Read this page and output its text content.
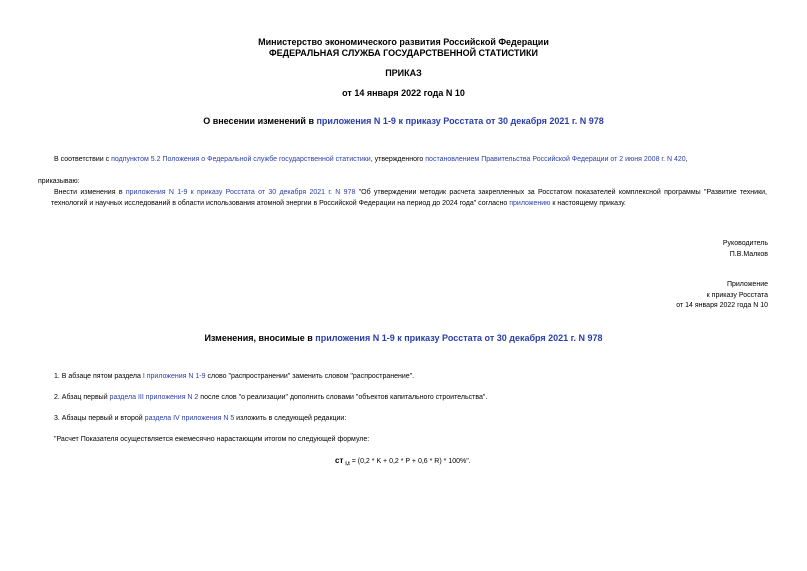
Министерство экономического развития Российской Федерации
ФЕДЕРАЛЬНАЯ СЛУЖБА ГОСУДАРСТВЕННОЙ СТАТИСТИКИ
ПРИКАЗ
от 14 января 2022 года N 10
О внесении изменений в приложения N 1-9 к приказу Росстата от 30 декабря 2021 г. N 978
В соответствии с подпунктом 5.2 Положения о Федеральной службе государственной статистики, утвержденного постановлением Правительства Российской Федерации от 2 июня 2008 г. N 420,
приказываю:
Внести изменения в приложения N 1-9 к приказу Росстата от 30 декабря 2021 г. N 978 "Об утверждении методик расчета закрепленных за Росстатом показателей комплексной программы "Развитие техники, технологий и научных исследований в области использования атомной энергии в Российской Федерации на период до 2024 года" согласно приложению к настоящему приказу.
Руководитель
П.В.Малков
Приложение
к приказу Росстата
от 14 января 2022 года N 10
Изменения, вносимые в приложения N 1-9 к приказу Росстата от 30 декабря 2021 г. N 978
1. В абзаце пятом раздела I приложения N 1-9 слово "распространении" заменить словом "распространение".
2. Абзац первый раздела III приложения N 2 после слов "о реализации" дополнить словами "объектов капитального строительства".
3. Абзацы первый и второй раздела IV приложения N 5 изложить в следующей редакции:
"Расчет Показателя осуществляется ежемесячно нарастающим итогом по следующей формуле:
ст $_{i,t}$ = (0,2 * K + 0,2 * P + 0,6 * R) * 100%".
